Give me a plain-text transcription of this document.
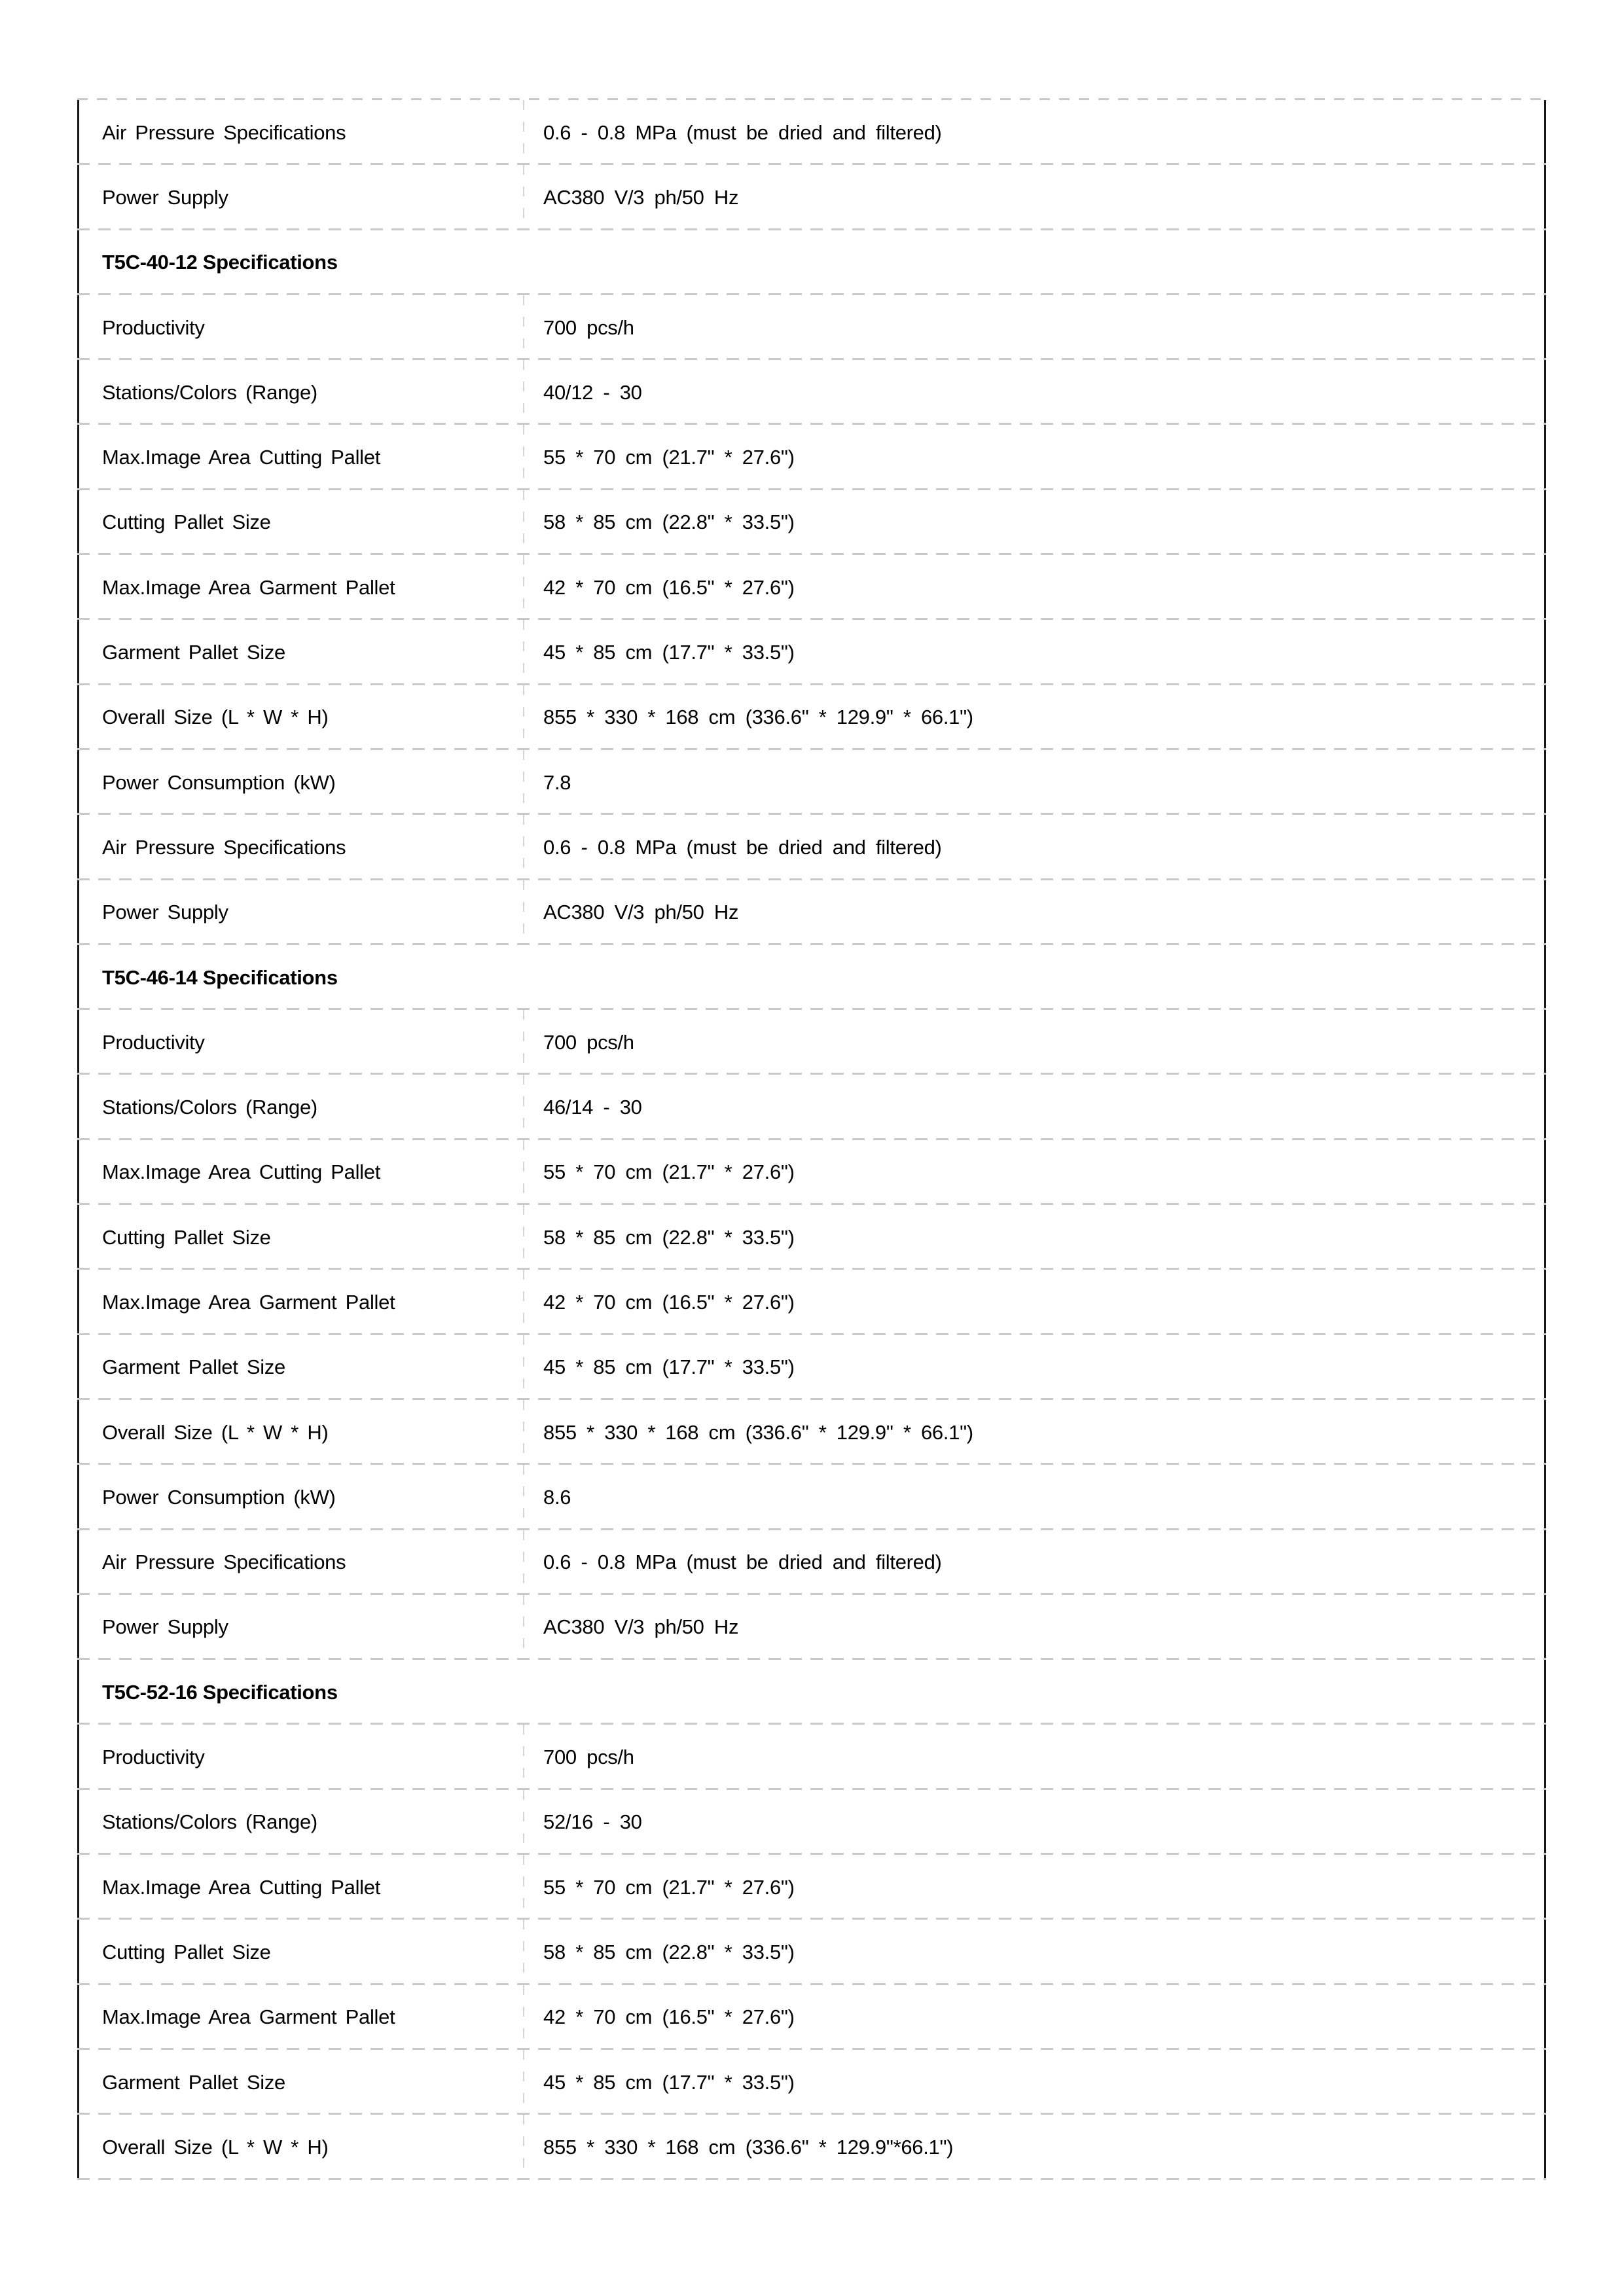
Air Pressure Specifications	0.6 - 0.8 MPa (must be dried and filtered)
Power Supply	AC380 V/3 ph/50 Hz
T5C-40-12 Specifications
Productivity	700 pcs/h
Stations/Colors (Range)	40/12 - 30
Max.Image Area Cutting Pallet	55 * 70 cm (21.7" * 27.6")
Cutting Pallet Size	58 * 85 cm (22.8" * 33.5")
Max.Image Area Garment Pallet	42 * 70 cm (16.5" * 27.6")
Garment Pallet Size	45 * 85 cm (17.7" * 33.5")
Overall Size (L * W * H)	855 * 330 * 168 cm (336.6" * 129.9" * 66.1")
Power Consumption (kW)	7.8
Air Pressure Specifications	0.6 - 0.8 MPa (must be dried and filtered)
Power Supply	AC380 V/3 ph/50 Hz
T5C-46-14 Specifications
Productivity	700 pcs/h
Stations/Colors (Range)	46/14 - 30
Max.Image Area Cutting Pallet	55 * 70 cm (21.7" * 27.6")
Cutting Pallet Size	58 * 85 cm (22.8" * 33.5")
Max.Image Area Garment Pallet	42 * 70 cm (16.5" * 27.6")
Garment Pallet Size	45 * 85 cm (17.7" * 33.5")
Overall Size (L * W * H)	855 * 330 * 168 cm (336.6" * 129.9" * 66.1")
Power Consumption (kW)	8.6
Air Pressure Specifications	0.6 - 0.8 MPa (must be dried and filtered)
Power Supply	AC380 V/3 ph/50 Hz
T5C-52-16 Specifications
Productivity	700 pcs/h
Stations/Colors (Range)	52/16 - 30
Max.Image Area Cutting Pallet	55 * 70 cm (21.7" * 27.6")
Cutting Pallet Size	58 * 85 cm (22.8" * 33.5")
Max.Image Area Garment Pallet	42 * 70 cm (16.5" * 27.6")
Garment Pallet Size	45 * 85 cm (17.7" * 33.5")
Overall Size (L * W * H)	855 * 330 * 168 cm (336.6" * 129.9"*66.1")
